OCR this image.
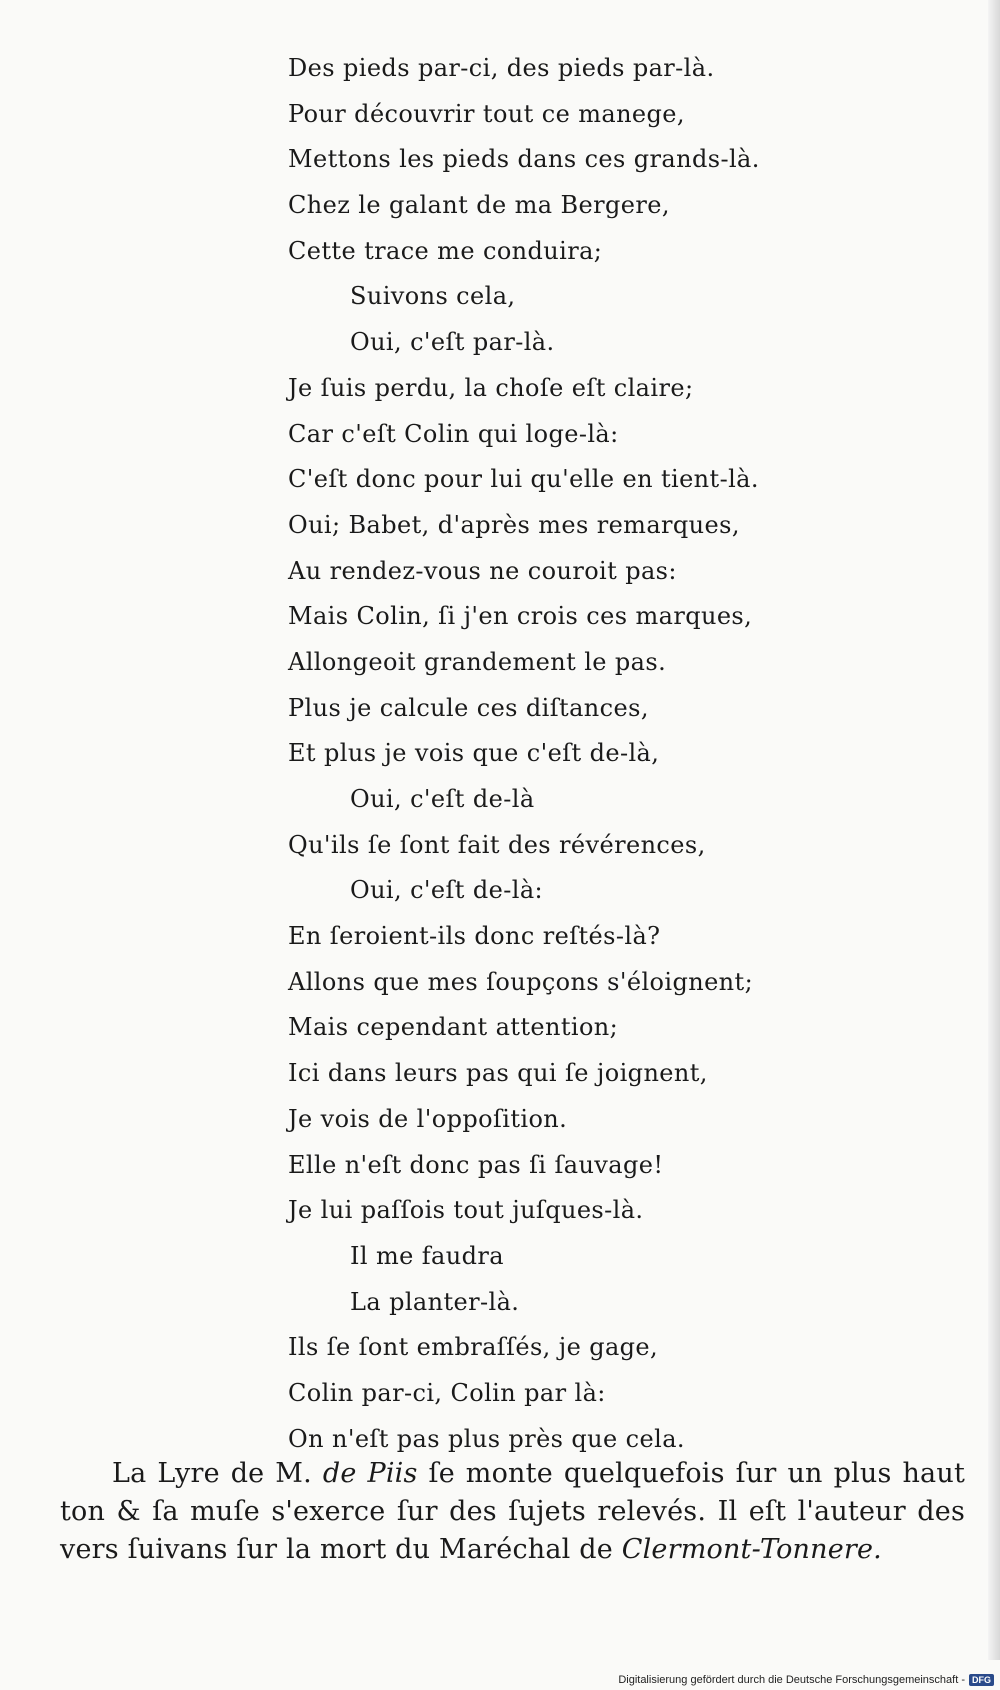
Des pieds par-ci, des pieds par-là.
Pour découvrir tout ce manege,
Mettons les pieds dans ces grands-là.
Chez le galant de ma Bergere,
Cette trace me conduira;
Suivons cela,
Oui, c'eſt par-là.
Je ſuis perdu, la choſe eſt claire;
Car c'eſt Colin qui loge-là:
C'eſt donc pour lui qu'elle en tient-là.
Oui; Babet, d'après mes remarques,
Au rendez-vous ne couroit pas:
Mais Colin, ſi j'en crois ces marques,
Allongeoit grandement le pas.
Plus je calcule ces diſtances,
Et plus je vois que c'eſt de-là,
Oui, c'eſt de-là
Qu'ils ſe ſont fait des révérences,
Oui, c'eſt de-là:
En ſeroient-ils donc reſtés-là?
Allons que mes ſoupçons s'éloignent;
Mais cependant attention;
Ici dans leurs pas qui ſe joignent,
Je vois de l'oppoſition.
Elle n'eſt donc pas ſi ſauvage!
Je lui paſſois tout juſques-là.
Il me faudra
La planter-là.
Ils ſe ſont embraſſés, je gage,
Colin par-ci, Colin par là:
On n'eſt pas plus près que cela.

La Lyre de M. de Piis ſe monte quelquefois ſur un plus haut ton & ſa muſe s'exerce ſur des ſujets relevés. Il eſt l'auteur des vers ſuivans ſur la mort du Maréchal de Clermont-Tonnere.

Digitalisierung gefördert durch die Deutsche Forschungsgemeinschaft - DFG
